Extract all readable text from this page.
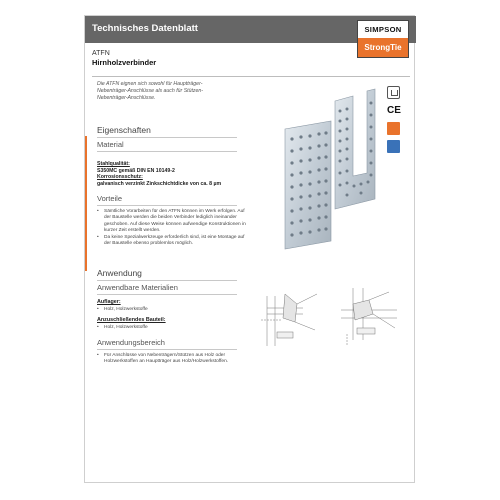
Technisches Datenblatt	SIMPSON
StrongTie
ATFN
Hirnholzverbinder
Die ATFN eignen sich sowohl für Hauptträger-Nebenträger-Anschlüsse als auch für Stützen-Nebenträger-Anschlüsse.
CE
Eigenschaften
Material
Stahlqualität:
S350MC gemäß DIN EN 10149-2
Korrosionsschutz:
galvanisch verzinkt Zinkschichtdicke von ca. 8 µm
Vorteile
• Sämtliche Vorarbeiten für den ATFN können im Werk erfolgen. Auf der Baustelle werden die beiden Verbinder lediglich ineinander geschoben. Auf diese Weise können aufwendige Konstruktionen in kurzer Zeit erstellt werden.
• Da keine Spezialwerkzeuge erforderlich sind, ist eine Montage auf der Baustelle ebenso problemlos möglich.
Anwendung
Anwendbare Materialien
Auflager:
• Holz, Holzwerkstoffe
Anzuschließendes Bauteil:
• Holz, Holzwerkstoffe
Anwendungsbereich
• Für Anschlüsse von Nebenträgern/Stützen aus Holz oder Holzwerkstoffen an Hauptträger aus Holz/Holzwerkstoffen.
